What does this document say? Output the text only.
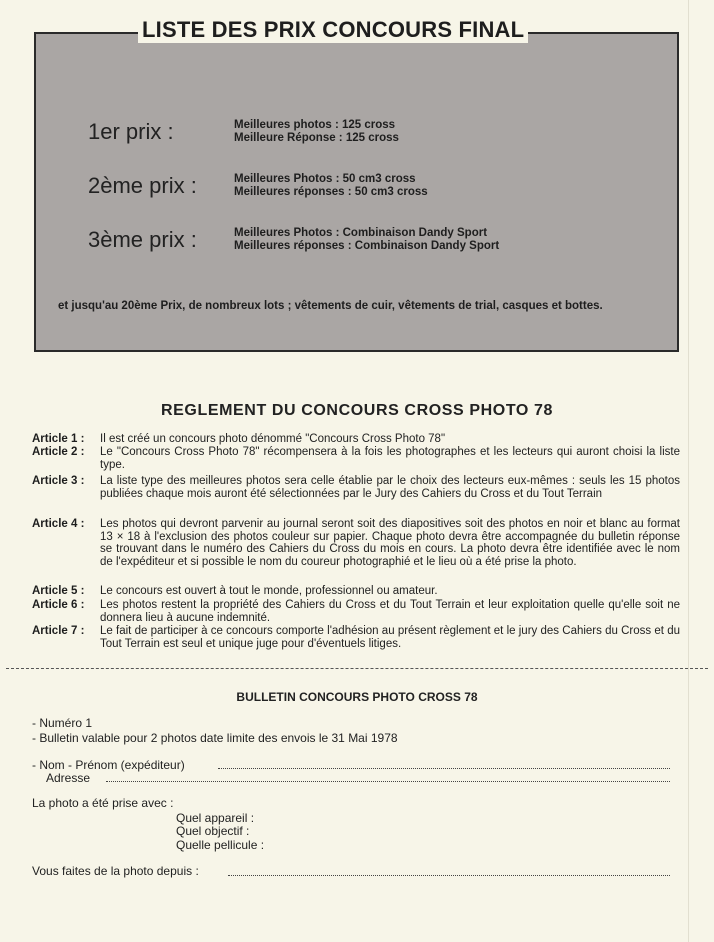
LISTE DES PRIX CONCOURS FINAL
1er prix :	Meilleures photos : 125 cross
Meilleure Réponse : 125 cross
2ème prix :	Meilleures Photos : 50 cm3 cross
Meilleures réponses : 50 cm3 cross
3ème prix :	Meilleures Photos : Combinaison Dandy Sport
Meilleures réponses : Combinaison Dandy Sport
et jusqu'au 20ème Prix, de nombreux lots ; vêtements de cuir, vêtements de trial, casques et bottes.
REGLEMENT DU CONCOURS CROSS PHOTO 78
Article 1 : Il est créé un concours photo dénommé "Concours Cross Photo 78"
Article 2 : Le "Concours Cross Photo 78" récompensera à la fois les photographes et les lecteurs qui auront choisi la liste type.
Article 3 : La liste type des meilleures photos sera celle établie par le choix des lecteurs eux-mêmes : seuls les 15 photos publiées chaque mois auront été sélectionnées par le Jury des Cahiers du Cross et du Tout Terrain
Article 4 : Les photos qui devront parvenir au journal seront soit des diapositives soit des photos en noir et blanc au format 13 × 18 à l'exclusion des photos couleur sur papier. Chaque photo devra être accompagnée du bulletin réponse se trouvant dans le numéro des Cahiers du Cross du mois en cours. La photo devra être identifiée avec le nom de l'expéditeur et si possible le nom du coureur photographié et le lieu où a été prise la photo.
Article 5 : Le concours est ouvert à tout le monde, professionnel ou amateur.
Article 6 : Les photos restent la propriété des Cahiers du Cross et du Tout Terrain et leur exploitation quelle qu'elle soit ne donnera lieu à aucune indemnité.
Article 7 : Le fait de participer à ce concours comporte l'adhésion au présent règlement et le jury des Cahiers du Cross et du Tout Terrain est seul et unique juge pour d'éventuels litiges.
BULLETIN CONCOURS PHOTO CROSS 78
- Numéro 1
- Bulletin valable pour 2 photos date limite des envois le 31 Mai 1978
- Nom - Prénom (expéditeur)
Adresse
La photo a été prise avec :
Quel appareil :
Quel objectif :
Quelle pellicule :
Vous faites de la photo depuis :
